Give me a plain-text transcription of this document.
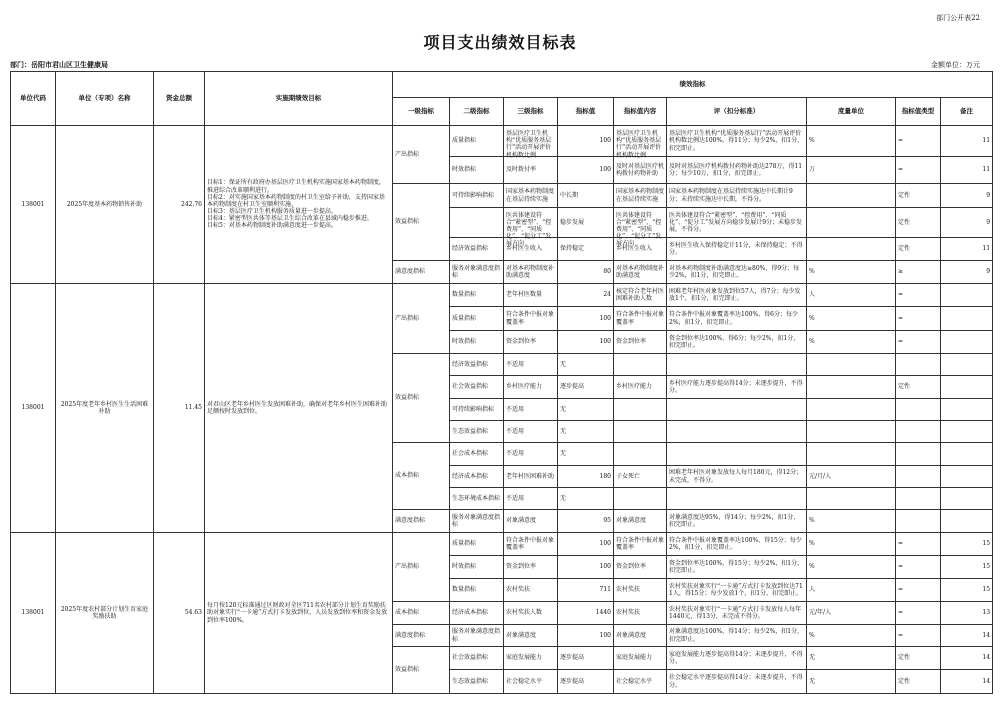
部门公开表22
项目支出绩效目标表
部门：岳阳市君山区卫生健康局	金额单位：万元
单位代码	单位（专项）名称	资金总额	实施期绩效目标	绩效指标								
				一级指标	二级指标	三级指标	指标值	指标值内容	评（扣分标准）	度量单位	指标值类型	备注
138001	2025年度基本药物销售补助	242.76	目标1：保证所有政府办基层医疗卫生机构实施国家基本药物制度，推进综合改革顺利进行。
目标2：对实施国家基本药物制度的村卫生室给予补助，支持国家基本药物制度在村卫生室顺利实施。
目标3：基层医疗卫生机构服务质量进一步提高。
目标4：紧密型医共体等基层卫生综合改革在县域内稳步推进。
目标5：对基本药物制度补助满意度进一步提高。	产出指标	质量指标	基层医疗卫生机构“优质服务基层行”活动开展评价机构数比例	100	基层医疗卫生机构“优质服务基层行”活动开展评价机构数比例	基层医疗卫生机构“优质服务基层行”活动开展评价机构数比例达100%，得11分；每少2%，扣1分，扣完即止。	%	=	11
					时效指标	及时拨付率	100	及时对基层医疗机构拨付药物补助	及时对基层医疗机构拨付药物补助达278万，得11分；每少10万，扣1分，扣完即止。	万	=	11
				效益指标	可持续影响指标	国家基本药物制度在基层持续实施	中长期	国家基本药物制度在基层持续实施	国家基本药物制度在基层持续实施达中长期计9分；未持续实施达中长期，不得分。		定性	9

						医共体建设符合“紧密型”、“控费用”、“同质化”、“促分工”发展方向	稳步发展	医共体建设符合“紧密型”、“控费用”、“同质化”、“促分工”发展方向	医共体建设符合“紧密型”、“控费用”、“同质化”、“促分工”发展方向稳步发展计9分；未稳步发展，不得分。		定性	9
					经济效益指标	乡村医生收入	保持稳定	乡村医生收入	乡村医生收入保持稳定计11分，未保持稳定；不得分。		定性	11
				满意度指标	服务对象满意度指标	对基本药物制度补助满意度	80	对基本药物制度补助满意度	对基本药物制度补助满意度达≥80%，得9分；每少2%，扣1分，扣完即止。	%	≥	9
138001	2025年度老年乡村医生生活困难补助	11.45	对君山区老年乡村医生发放困难补助，确保对老年乡村医生困难补助足额按时发放到位。	产出指标	数量指标	老年村医数量	24	核定符合老年村医困难补助人数	困难老年村医对象发放到位57人，得7分；每少发放1个，扣1分，扣完即止。	人	=	
					质量指标	符合条件中报对象覆盖率	100	符合条件中报对象覆盖率	符合条件中报对象覆盖率达100%，得6分；每少2%，扣1分，扣完即止。	%	=	
					时效指标	资金到位率	100	资金到位率	资金到位率达100%，得6分；每少2%，扣1分，扣完即止。	%	=	
				效益指标	经济效益指标	不适用	无	

					社会效益指标	乡村医疗能力	逐步提高	乡村医疗能力	乡村医疗能力逐步提高得14分；未逐步提升，不得分。		定性	
					可持续影响指标	不适用	无	

					生态效益指标	不适用	无	

				成本指标	社会成本指标	不适用	无	

					经济成本指标	老年村医困难补助	180	子女死亡	困难老年村医对象发放每人每月180元，得12分；未完成，不得分。	元/月/人		
					生态环境成本指标	不适用	无	

				满意度指标	服务对象满意度指标	对象满意度	95	对象满意度	对象满意度达95%，得14分；每少2%，扣1分，扣完即止。	%		
138001	2025年度农村部分计划生育家庭奖励扶助	54.63	每月按120元标准通过区财政对全区711名农村部分计划生育奖励扶助对象实行“一卡通”方式打卡发放到位，人员发放到位率和资金发放到位率100%。	产出指标	质量指标	符合条件中报对象覆盖率	100	符合条件中报对象覆盖率	符合条件中报对象覆盖率达100%，得15分；每少2%，扣1分，扣完即止。	%	=	15
					时效指标	资金到位率	100	资金到位率	资金到位率达100%，得15分；每少2%，扣1分，扣完即止。	%	=	15
					数量指标	农村奖扶	711	农村奖扶	农村奖扶对象实行“一卡通”方式打卡发放到位达711人，得15分；每少发放1个，扣1分，扣完即止。	人	=	15
				成本指标	经济成本指标	农村奖扶人数	1440	农村奖扶	农村奖扶对象实行“一卡通”方式打卡发放每人每年1440元，得13分，未完成不得分。	元/年/人	=	13
				满意度指标	服务对象满意度指标	对象满意度	100	对象满意度	对象满意度达100%，得14分；每少2%，扣1分，扣完即止。	%	=	14
				效益指标	社会效益指标	家庭发展能力	逐步提高	家庭发展能力	家庭发展能力逐步提高得14分；未逐步提升，不得分。	无	定性	14
					生态效益指标	社会稳定水平	逐步提高	社会稳定水平	社会稳定水平逐步提高得14分；未逐步提升，不得分。	无	定性	14
